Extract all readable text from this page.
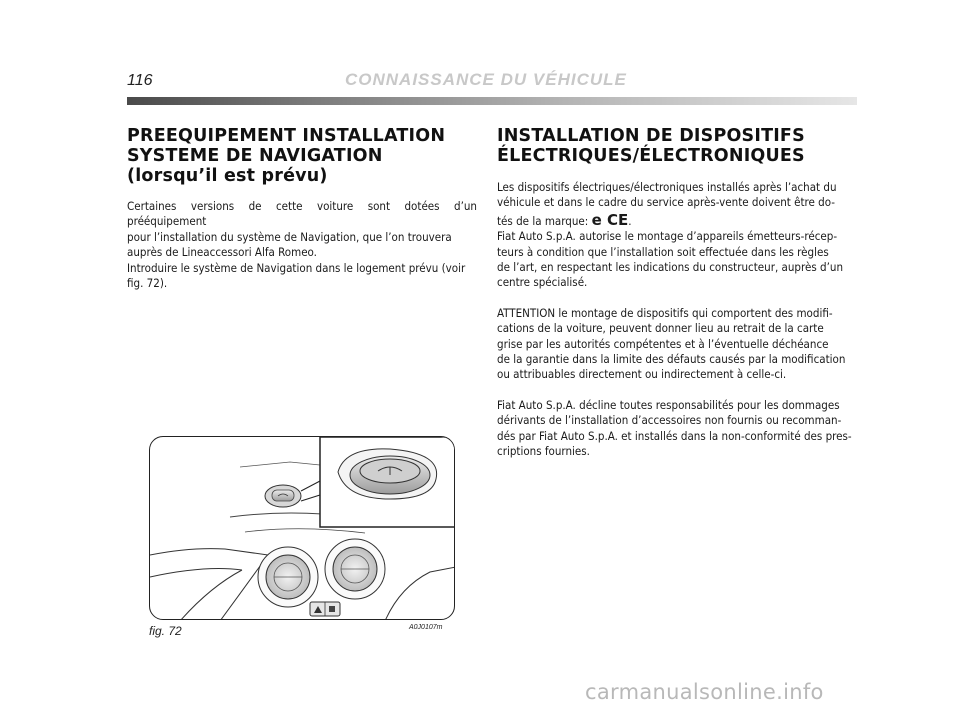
116	CONNAISSANCE DU VÉHICULE
PREEQUIPEMENT INSTALLATION
SYSTEME DE NAVIGATION
(lorsqu’il est prévu)
Certaines versions de cette voiture sont dotées d’un prééquipement
pour l’installation du système de Navigation, que l’on trouvera
auprès de Lineaccessori Alfa Romeo.
Introduire le système de Navigation dans le logement prévu (voir
fig. 72).
INSTALLATION DE DISPOSITIFS
ÉLECTRIQUES/ÉLECTRONIQUES
Les dispositifs électriques/électroniques installés après l’achat du
véhicule et dans le cadre du service après-vente doivent être do-
tés de la marque: e CE.
Fiat Auto S.p.A. autorise le montage d’appareils émetteurs-récep-
teurs à condition que l’installation soit effectuée dans les règles
de l’art, en respectant les indications du constructeur, auprès d’un
centre spécialisé.
ATTENTION le montage de dispositifs qui comportent des modifi-
cations de la voiture, peuvent donner lieu au retrait de la carte
grise par les autorités compétentes et à l’éventuelle déchéance
de la garantie dans la limite des défauts causés par la modification
ou attribuables directement ou indirectement à celle-ci.
Fiat Auto S.p.A. décline toutes responsabilités pour les dommages
dérivants de l’installation d’accessoires non fournis ou recomman-
dés par Fiat Auto S.p.A. et installés dans la non-conformité des pres-
criptions fournies.
fig. 72	A0J0107m
carmanualsonline.info
